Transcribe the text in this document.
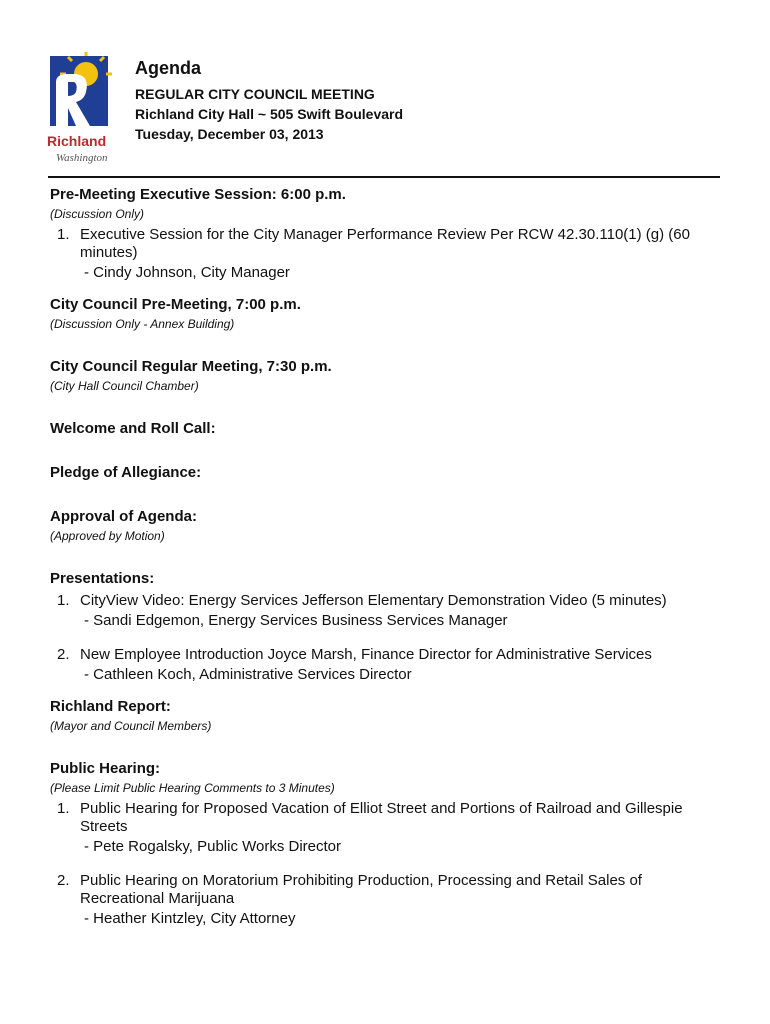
Richland
Washington
Agenda
REGULAR CITY COUNCIL MEETING
Richland City Hall ~ 505 Swift Boulevard
Tuesday, December 03, 2013
Pre-Meeting Executive Session: 6:00 p.m.
(Discussion Only)
1. Executive Session for the City Manager Performance Review Per RCW 42.30.110(1) (g) (60 minutes)
- Cindy Johnson, City Manager
City Council Pre-Meeting, 7:00 p.m.
(Discussion Only - Annex Building)
City Council Regular Meeting, 7:30 p.m.
(City Hall Council Chamber)
Welcome and Roll Call:
Pledge of Allegiance:
Approval of Agenda:
(Approved by Motion)
Presentations:
1. CityView Video: Energy Services Jefferson Elementary Demonstration Video (5 minutes)
- Sandi Edgemon, Energy Services Business Services Manager
2. New Employee Introduction Joyce Marsh, Finance Director for Administrative Services
- Cathleen Koch, Administrative Services Director
Richland Report:
(Mayor and Council Members)
Public Hearing:
(Please Limit Public Hearing Comments to 3 Minutes)
1. Public Hearing for Proposed Vacation of Elliot Street and Portions of Railroad and Gillespie Streets
- Pete Rogalsky, Public Works Director
2. Public Hearing on Moratorium Prohibiting Production, Processing and Retail Sales of Recreational Marijuana
- Heather Kintzley, City Attorney
